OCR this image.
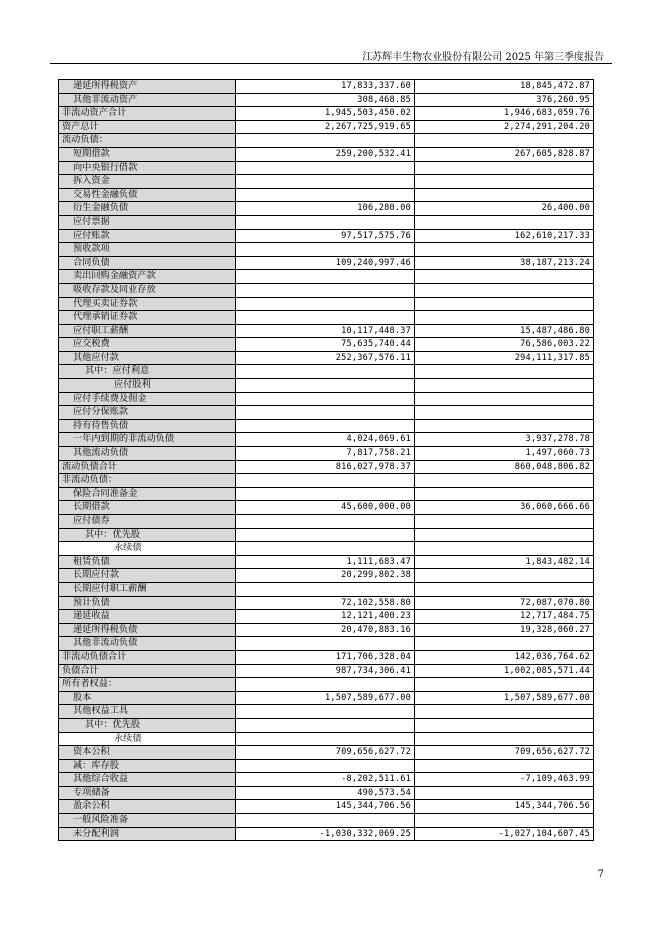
江苏辉丰生物农业股份有限公司 2025 年第三季度报告
递延所得税资产	17,833,337.60	18,845,472.87
其他非流动资产	308,468.85	376,260.95
非流动资产合计	1,945,503,450.02	1,946,683,059.76
资产总计	2,267,725,919.65	2,274,291,204.20
流动负债：		
短期借款	259,200,532.41	267,605,828.87
向中央银行借款		
拆入资金		
交易性金融负债		
衍生金融负债	106,280.00	26,400.00
应付票据		
应付账款	97,517,575.76	162,610,217.33
预收款项		
合同负债	109,240,997.46	38,187,213.24
卖出回购金融资产款		
吸收存款及同业存放		
代理买卖证券款		
代理承销证券款		
应付职工薪酬	10,117,448.37	15,487,486.80
应交税费	75,635,740.44	76,586,003.22
其他应付款	252,367,576.11	294,111,317.85
其中：应付利息		
应付股利		
应付手续费及佣金		
应付分保账款		
持有待售负债		
一年内到期的非流动负债	4,024,069.61	3,937,278.78
其他流动负债	7,817,758.21	1,497,060.73
流动负债合计	816,027,978.37	860,048,806.82
非流动负债：		
保险合同准备金		
长期借款	45,600,000.00	36,060,666.66
应付债券		
其中：优先股		
永续债		
租赁负债	1,111,683.47	1,843,482.14
长期应付款	20,299,802.38	
长期应付职工薪酬		
预计负债	72,102,558.80	72,087,070.80
递延收益	12,121,400.23	12,717,484.75
递延所得税负债	20,470,883.16	19,328,060.27
其他非流动负债		
非流动负债合计	171,706,328.04	142,036,764.62
负债合计	987,734,306.41	1,002,085,571.44
所有者权益：		
股本	1,507,589,677.00	1,507,589,677.00
其他权益工具		
其中：优先股		
永续债		
资本公积	709,656,627.72	709,656,627.72
减：库存股		
其他综合收益	-8,202,511.61	-7,109,463.99
专项储备	490,573.54	
盈余公积	145,344,706.56	145,344,706.56
一般风险准备		
未分配利润	-1,030,332,069.25	-1,027,104,607.45
7
